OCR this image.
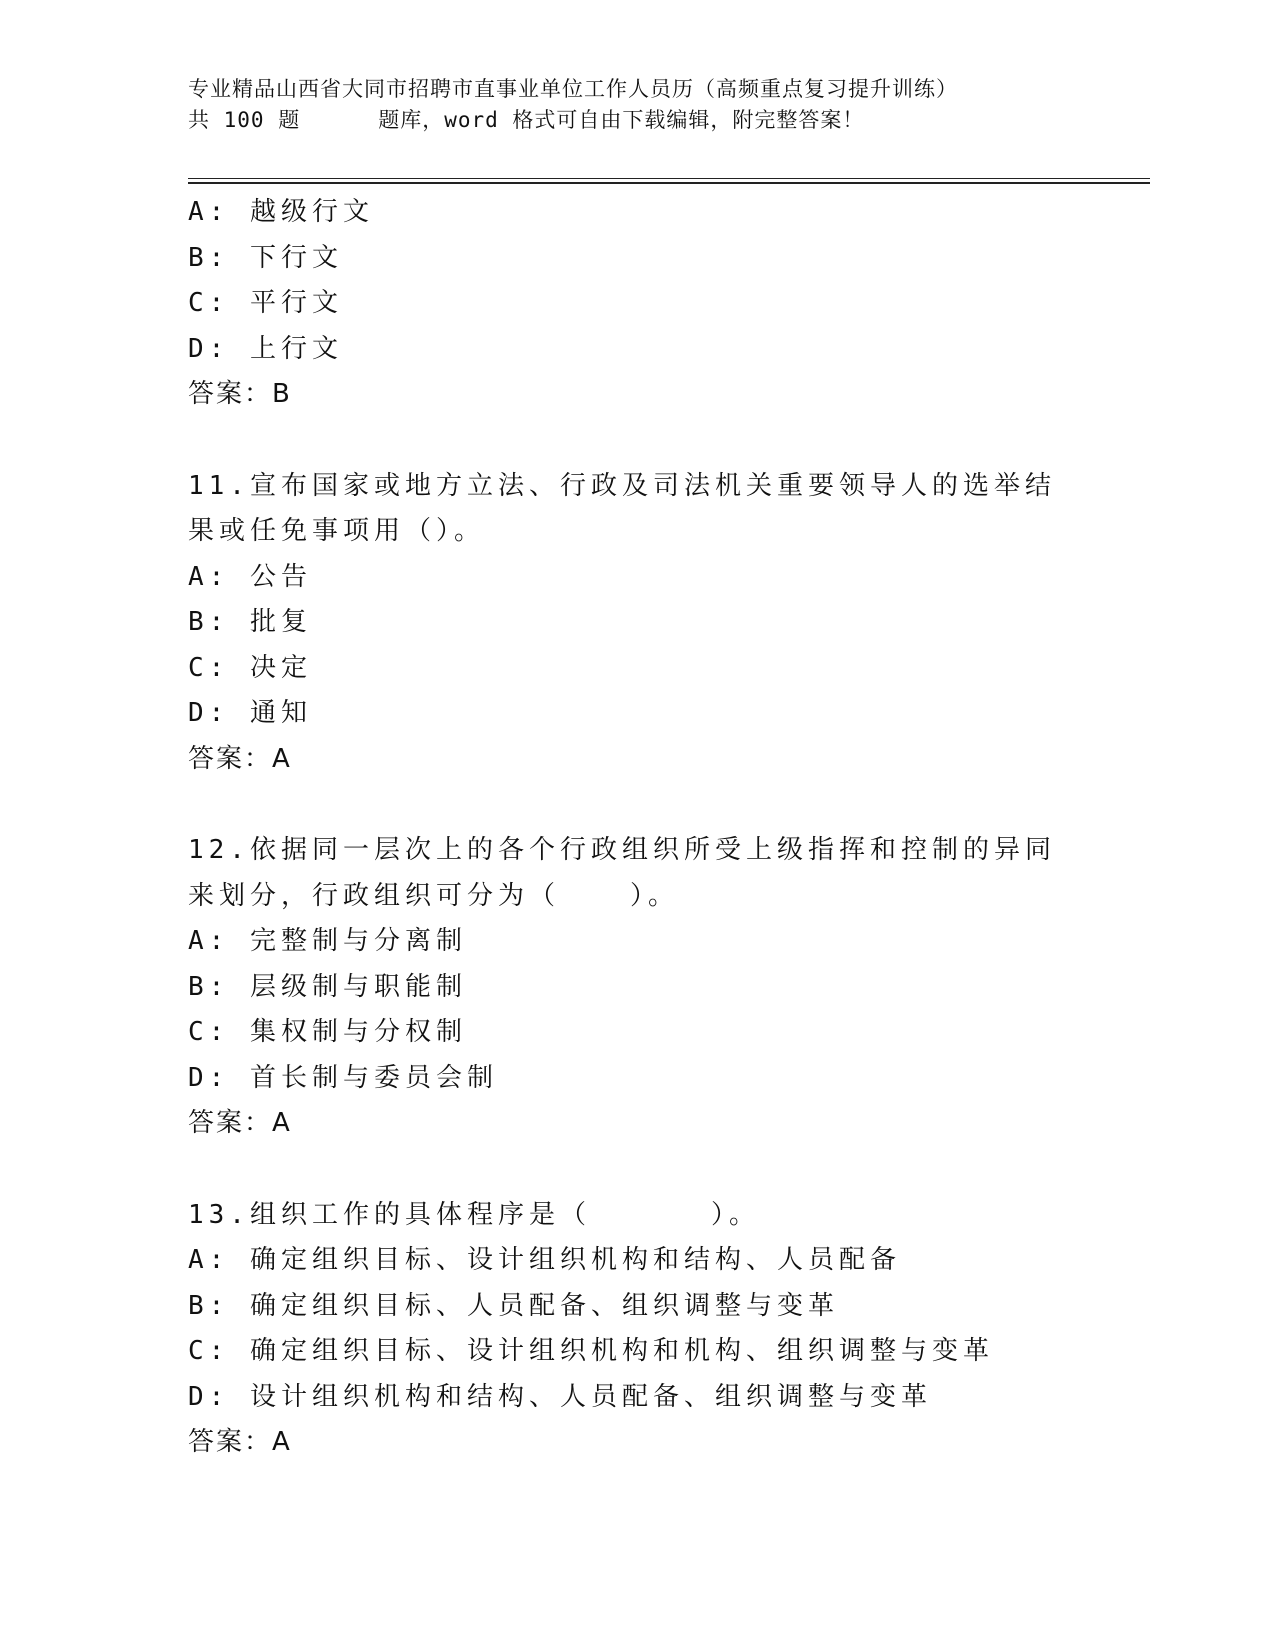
专业精品山西省大同市招聘市直事业单位工作人员历（高频重点复习提升训练）
共 100 题	题库，word 格式可自由下载编辑，附完整答案！
A: 越级行文
B: 下行文
C: 平行文
D: 上行文
答案：B
11.宣布国家或地方立法、行政及司法机关重要领导人的选举结果或任免事项用（）。
A: 公告
B: 批复
C: 决定
D: 通知
答案：A
12.依据同一层次上的各个行政组织所受上级指挥和控制的异同来划分，行政组织可分为（	）。
A: 完整制与分离制
B: 层级制与职能制
C: 集权制与分权制
D: 首长制与委员会制
答案：A
13.组织工作的具体程序是（	）。
A: 确定组织目标、设计组织机构和结构、人员配备
B: 确定组织目标、人员配备、组织调整与变革
C: 确定组织目标、设计组织机构和机构、组织调整与变革
D: 设计组织机构和结构、人员配备、组织调整与变革
答案：A
